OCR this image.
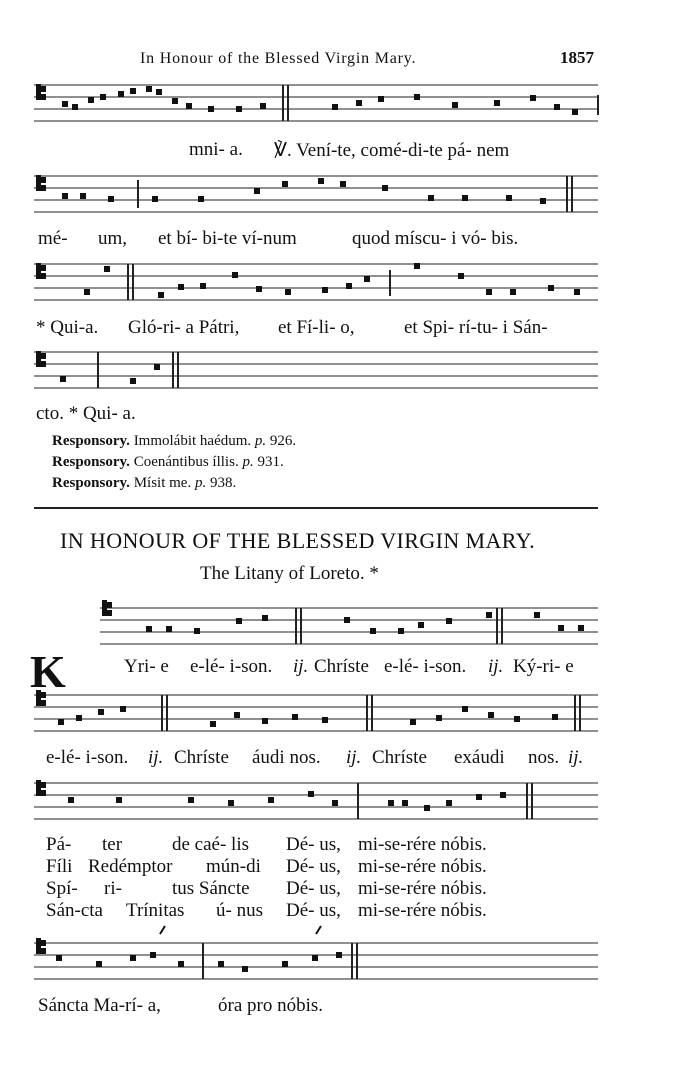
In Honour of the Blessed Virgin Mary.	1857
mni- a. ℣. Vení-te, comé-di-te pá- nem
mé- um, et bí- bi-te ví-num	quod míscu- i vó- bis.
* Qui-a. Gló-ri- a Pátri, et Fí-li- o,	et Spi- rí-tu- i Sán-
cto. * Qui- a.
Responsory. Immolábit haédum. p. 926.
Responsory. Coenántibus íllis. p. 931.
Responsory. Mísit me. p. 938.
IN HONOUR OF THE BLESSED VIRGIN MARY.
The Litany of Loreto. *
K	Yri- e e-lé- i-son. ij. Chríste e-lé- i-son. ij. Ký-ri- e
e-lé- i-son. ij. Chríste áudi nos. ij. Chríste exáudi nos. ij.
Pá- ter	de caé- lis Dé- us, mi-se-rére nóbis.
Fíli Redémptor mún-di Dé- us, mi-se-rére nóbis.
Spí- ri-	tus Sáncte Dé- us, mi-se-rére nóbis.
Sán-cta Trínitas ú- nus Dé- us, mi-se-rére nóbis.
Sáncta Ma-rí- a,	óra pro nóbis.
